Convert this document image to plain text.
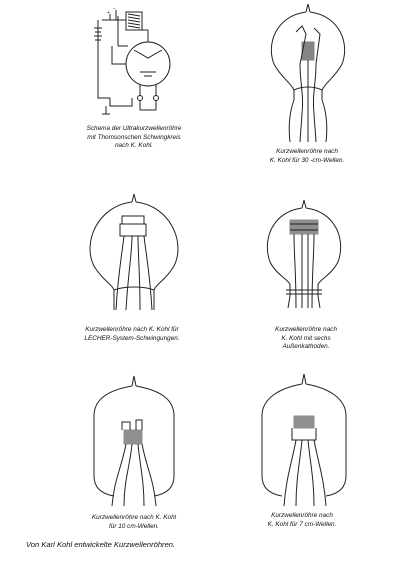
+
−
Schema der Ultrakurzwellenröhre
mit Thomsonschen Schwingkreis
nach K. Kohl.
Kurzwellenröhre nach
K. Kohl für 30 -cm-Wellen.
Kurzwellenröhre nach K. Kohl für
LECHER-System-Schwingungen.
Kurzwellenröhre nach
K. Kohl mit sechs
Außenkathoden.
Kurzwellenröhre nach K. Kohl
für 10 cm-Wellen.
Kurzwellenröhre nach
K. Kohl für 7 cm-Wellen.
Von Karl Kohl entwickelte Kurzwellenröhren.
